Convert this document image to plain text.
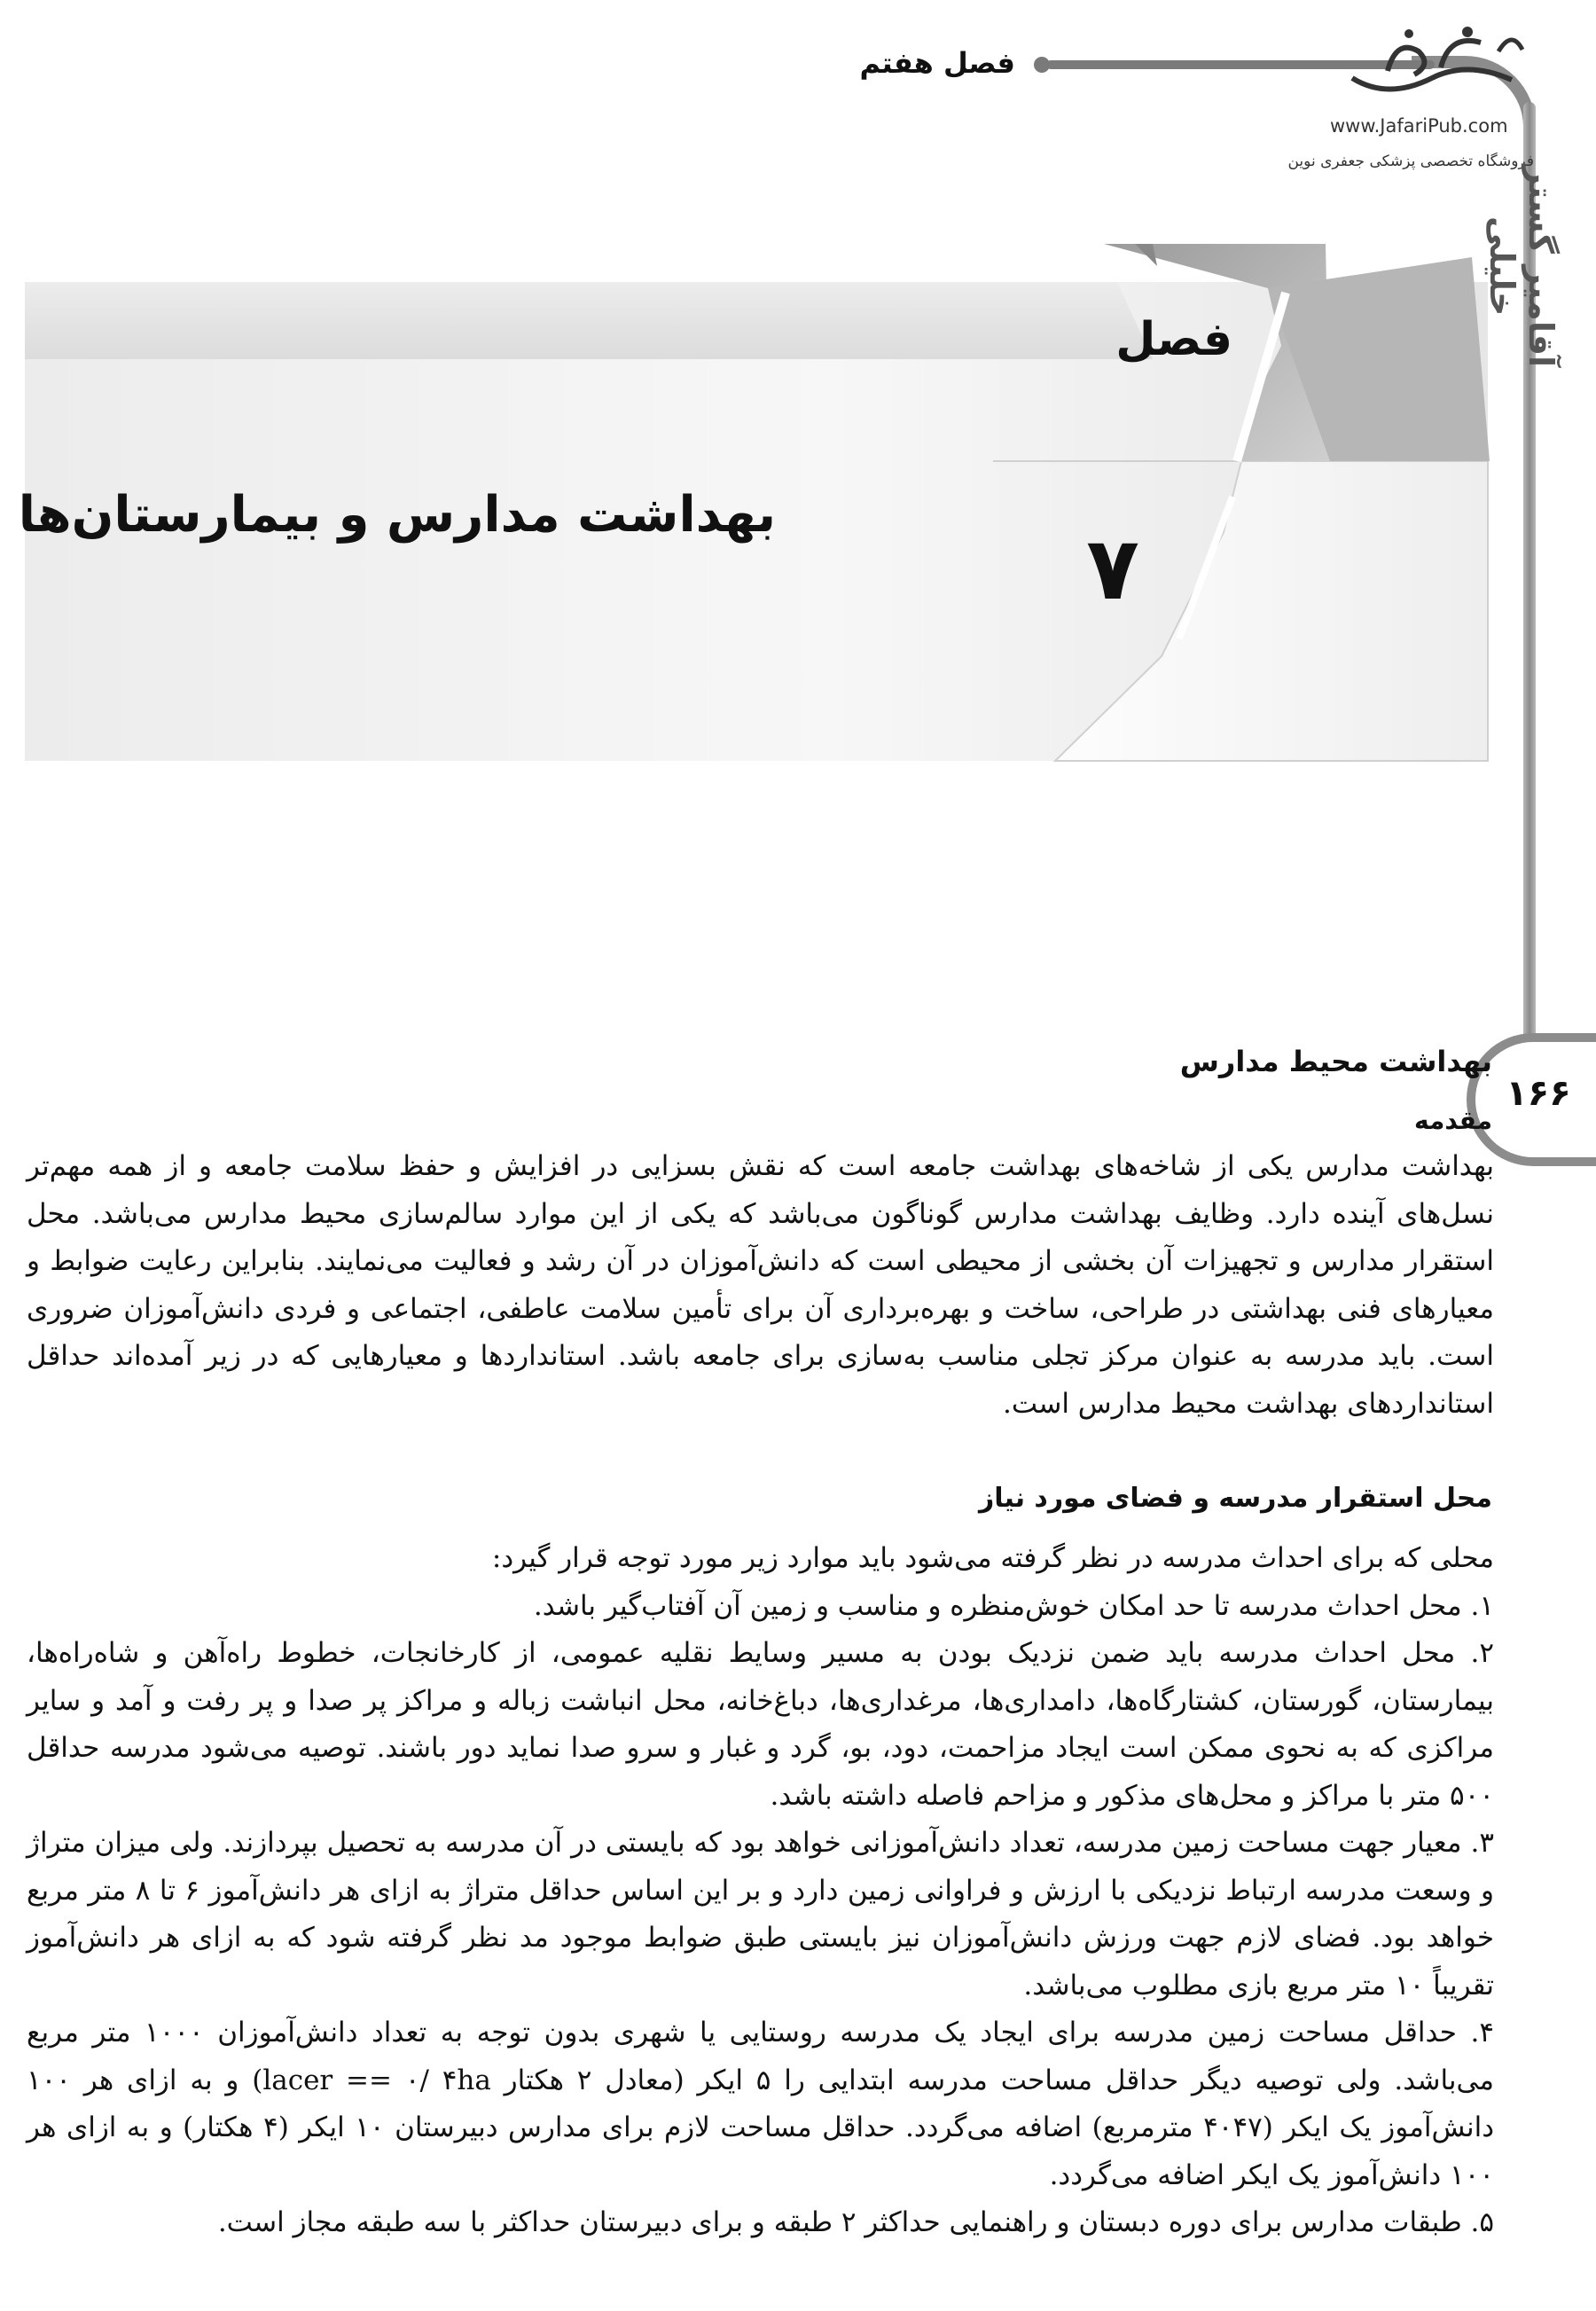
فصل هفتم
www.JafariPub.com
فروشگاه تخصصی پزشکی جعفری نوین
آقامیر گستر خلیلی
فصل
۷
بهداشت مدارس و بیمارستان‌ها
۱۶۶
بهداشت محیط مدارس
مقدمه

بهداشت مدارس یکی از شاخه‌های بهداشت جامعه است که نقش بسزایی در افزایش و حفظ سلامت جامعه و از همه مهم‌تر نسل‌های آینده دارد. وظایف بهداشت مدارس گوناگون می‌باشد که یکی از این موارد سالم‌سازی محیط مدارس می‌باشد. محل استقرار مدارس و تجهیزات آن بخشی از محیطی است که دانش‌آموزان در آن رشد و فعالیت می‌نمایند. بنابراین رعایت ضوابط و معیارهای فنی بهداشتی در طراحی، ساخت و بهره‌برداری آن برای تأمین سلامت عاطفی، اجتماعی و فردی دانش‌آموزان ضروری است. باید مدرسه به عنوان مرکز تجلی مناسب به‌سازی برای جامعه باشد. استانداردها و معیارهایی که در زیر آمده‌اند حداقل استانداردهای بهداشت محیط مدارس است.

محل استقرار مدرسه و فضای مورد نیاز

محلی که برای احداث مدرسه در نظر گرفته می‌شود باید موارد زیر مورد توجه قرار گیرد:

۱. محل احداث مدرسه تا حد امکان خوش‌منظره و مناسب و زمین آن آفتاب‌گیر باشد.

۲. محل احداث مدرسه باید ضمن نزدیک بودن به مسیر وسایط نقلیه عمومی، از کارخانجات، خطوط راه‌آهن و شاه‌راه‌ها، بیمارستان، گورستان، کشتارگاه‌ها، دامداری‌ها، مرغداری‌ها، دباغ‌خانه، محل انباشت زباله و مراکز پر صدا و پر رفت و آمد و سایر مراکزی که به نحوی ممکن است ایجاد مزاحمت، دود، بو، گرد و غبار و سرو صدا نماید دور باشند. توصیه می‌شود مدرسه حداقل ۵۰۰ متر با مراکز و محل‌های مذکور و مزاحم فاصله داشته باشد.

۳. معیار جهت مساحت زمین مدرسه، تعداد دانش‌آموزانی خواهد بود که بایستی در آن مدرسه به تحصیل بپردازند. ولی میزان متراژ و وسعت مدرسه ارتباط نزدیکی با ارزش و فراوانی زمین دارد و بر این اساس حداقل متراژ به ازای هر دانش‌آموز ۶ تا ۸ متر مربع خواهد بود. فضای لازم جهت ورزش دانش‌آموزان نیز بایستی طبق ضوابط موجود مد نظر گرفته شود که به ازای هر دانش‌آموز تقریباً ۱۰ متر مربع بازی مطلوب می‌باشد.

۴. حداقل مساحت زمین مدرسه برای ایجاد یک مدرسه روستایی یا شهری بدون توجه به تعداد دانش‌آموزان ۱۰۰۰ متر مربع می‌باشد. ولی توصیه دیگر حداقل مساحت مدرسه ابتدایی را ۵ ایکر (معادل ۲ هکتار lacer == ۰/ ۴ha) و به ازای هر ۱۰۰ دانش‌آموز یک ایکر (۴۰۴۷ مترمربع) اضافه می‌گردد. حداقل مساحت لازم برای مدارس دبیرستان ۱۰ ایکر (۴ هکتار) و به ازای هر ۱۰۰ دانش‌آموز یک ایکر اضافه می‌گردد.

۵. طبقات مدارس برای دوره دبستان و راهنمایی حداکثر ۲ طبقه و برای دبیرستان حداکثر با سه طبقه مجاز است.
